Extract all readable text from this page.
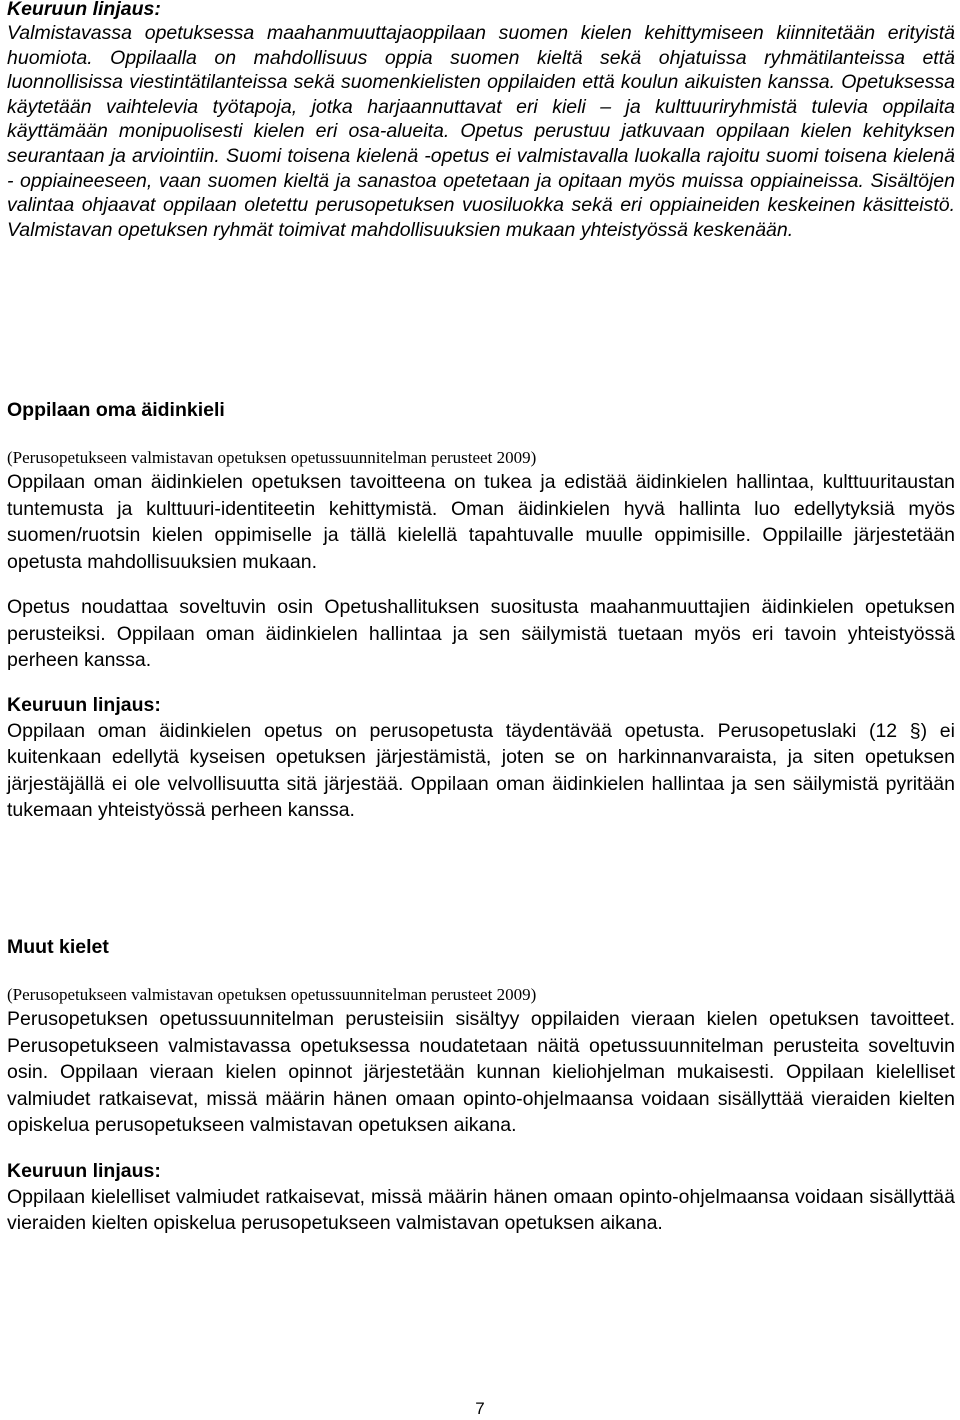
Keuruun linjaus:

Valmistavassa opetuksessa maahanmuuttajaoppilaan suomen kielen kehittymiseen kiinnitetään erityistä huomiota. Oppilaalla on mahdollisuus oppia suomen kieltä sekä ohjatuissa ryhmätilanteissa että luonnollisissa viestintätilanteissa sekä suomenkielisten oppilaiden että koulun aikuisten kanssa. Opetuksessa käytetään vaihtelevia työtapoja, jotka harjaannuttavat eri kieli – ja kulttuuriryhmistä tulevia oppilaita käyttämään monipuolisesti kielen eri osa-alueita. Opetus perustuu jatkuvaan oppilaan kielen kehityksen seurantaan ja arviointiin. Suomi toisena kielenä -opetus ei valmistavalla luokalla rajoitu suomi toisena kielenä - oppiaineeseen, vaan suomen kieltä ja sanastoa opetetaan ja opitaan myös muissa oppiaineissa. Sisältöjen valintaa ohjaavat oppilaan oletettu perusopetuksen vuosiluokka sekä eri oppiaineiden keskeinen käsitteistö. Valmistavan opetuksen ryhmät toimivat mahdollisuuksien mukaan yhteistyössä keskenään.

Oppilaan oma äidinkieli

(Perusopetukseen valmistavan opetuksen opetussuunnitelman perusteet 2009)

Oppilaan oman äidinkielen opetuksen tavoitteena on tukea ja edistää äidinkielen hallintaa, kulttuuritaustan tuntemusta ja kulttuuri-identiteetin kehittymistä. Oman äidinkielen hyvä hallinta luo edellytyksiä myös suomen/ruotsin kielen oppimiselle ja tällä kielellä tapahtuvalle muulle oppimisille. Oppilaille järjestetään opetusta mahdollisuuksien mukaan.

Opetus noudattaa soveltuvin osin Opetushallituksen suositusta maahanmuuttajien äidinkielen opetuksen perusteiksi. Oppilaan oman äidinkielen hallintaa ja sen säilymistä tuetaan myös eri tavoin yhteistyössä perheen kanssa.

Keuruun linjaus:

Oppilaan oman äidinkielen opetus on perusopetusta täydentävää opetusta. Perusopetuslaki (12 §) ei kuitenkaan edellytä kyseisen opetuksen järjestämistä, joten se on harkinnanvaraista, ja siten opetuksen järjestäjällä ei ole velvollisuutta sitä järjestää. Oppilaan oman äidinkielen hallintaa ja sen säilymistä pyritään tukemaan yhteistyössä perheen kanssa.

Muut kielet

(Perusopetukseen valmistavan opetuksen opetussuunnitelman perusteet 2009)

Perusopetuksen opetussuunnitelman perusteisiin sisältyy oppilaiden vieraan kielen opetuksen tavoitteet. Perusopetukseen valmistavassa opetuksessa noudatetaan näitä opetussuunnitelman perusteita soveltuvin osin. Oppilaan vieraan kielen opinnot järjestetään kunnan kieliohjelman mukaisesti. Oppilaan kielelliset valmiudet ratkaisevat, missä määrin hänen omaan opinto-ohjelmaansa voidaan sisällyttää vieraiden kielten opiskelua perusopetukseen valmistavan opetuksen aikana.

Keuruun linjaus:

Oppilaan kielelliset valmiudet ratkaisevat, missä määrin hänen omaan opinto-ohjelmaansa voidaan sisällyttää vieraiden kielten opiskelua perusopetukseen valmistavan opetuksen aikana.

7
